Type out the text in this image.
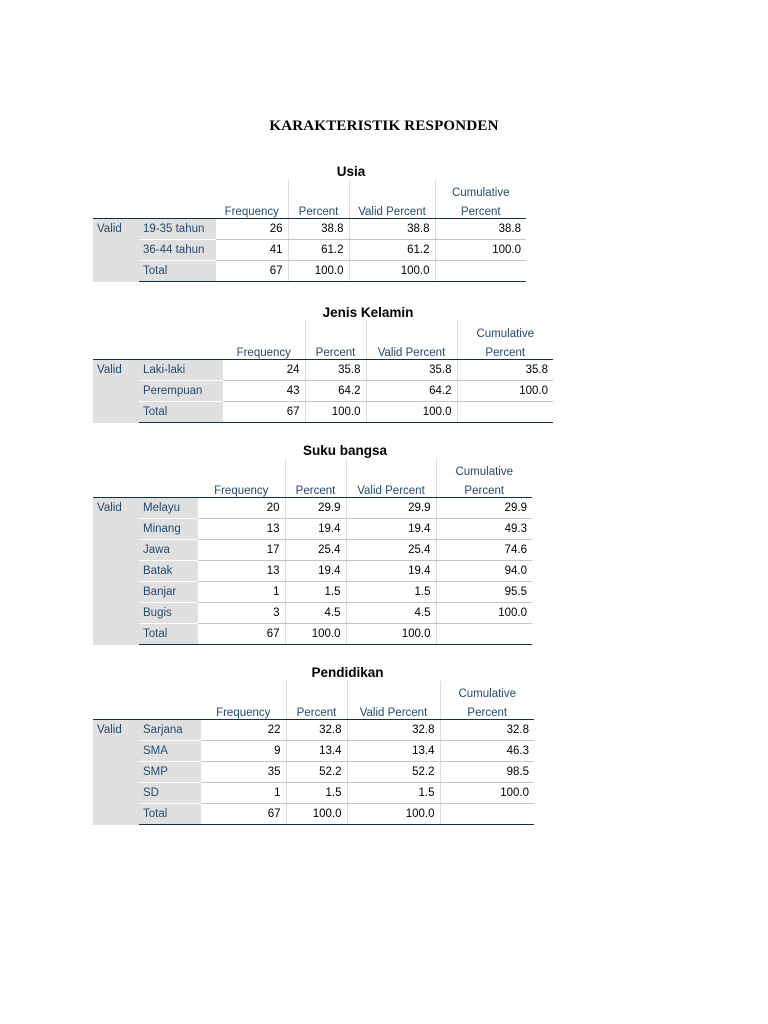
KARAKTERISTIK RESPONDEN
Usia
					Cumulative
		Frequency	Percent	Valid Percent	Percent
Valid	19-35 tahun	26	38.8	38.8	38.8
	36-44 tahun	41	61.2	61.2	100.0
	Total	67	100.0	100.0	
Jenis Kelamin
					Cumulative
		Frequency	Percent	Valid Percent	Percent
Valid	Laki-laki	24	35.8	35.8	35.8
	Perempuan	43	64.2	64.2	100.0
	Total	67	100.0	100.0	
Suku bangsa
					Cumulative
		Frequency	Percent	Valid Percent	Percent
Valid	Melayu	20	29.9	29.9	29.9
	Minang	13	19.4	19.4	49.3
	Jawa	17	25.4	25.4	74.6
	Batak	13	19.4	19.4	94.0
	Banjar	1	1.5	1.5	95.5
	Bugis	3	4.5	4.5	100.0
	Total	67	100.0	100.0	
Pendidikan
					Cumulative
		Frequency	Percent	Valid Percent	Percent
Valid	Sarjana	22	32.8	32.8	32.8
	SMA	9	13.4	13.4	46.3
	SMP	35	52.2	52.2	98.5
	SD	1	1.5	1.5	100.0
	Total	67	100.0	100.0	
